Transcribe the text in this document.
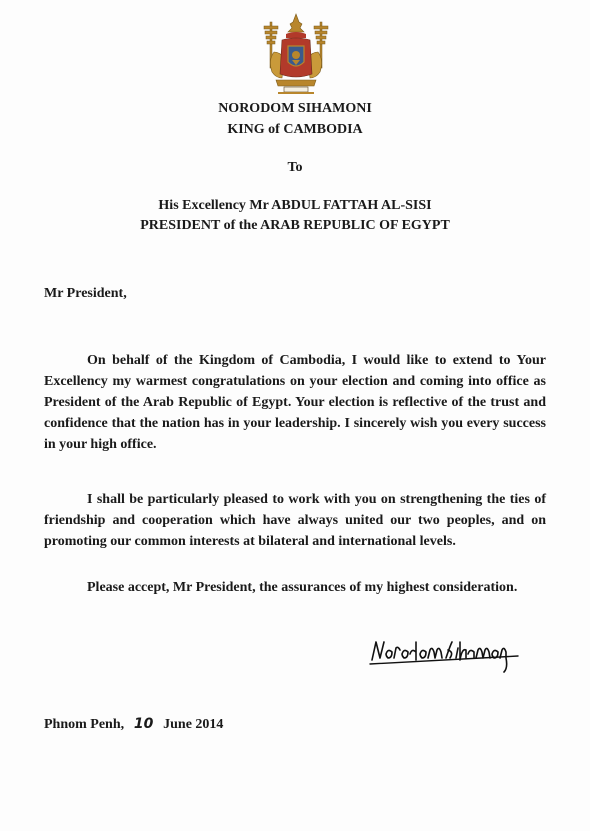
NORODOM SIHAMONI
KING of CAMBODIA
To
His Excellency Mr ABDUL FATTAH AL-SISI
PRESIDENT of the ARAB REPUBLIC OF EGYPT
Mr President,

On behalf of the Kingdom of Cambodia, I would like to extend to Your Excellency my warmest congratulations on your election and coming into office as President of the Arab Republic of Egypt. Your election is reflective of the trust and confidence that the nation has in your leadership. I sincerely wish you every success in your high office.

I shall be particularly pleased to work with you on strengthening the ties of friendship and cooperation which have always united our two peoples, and on promoting our common interests at bilateral and international levels.

Please accept, Mr President, the assurances of my highest consideration.

Phnom Penh, 10 June 2014
